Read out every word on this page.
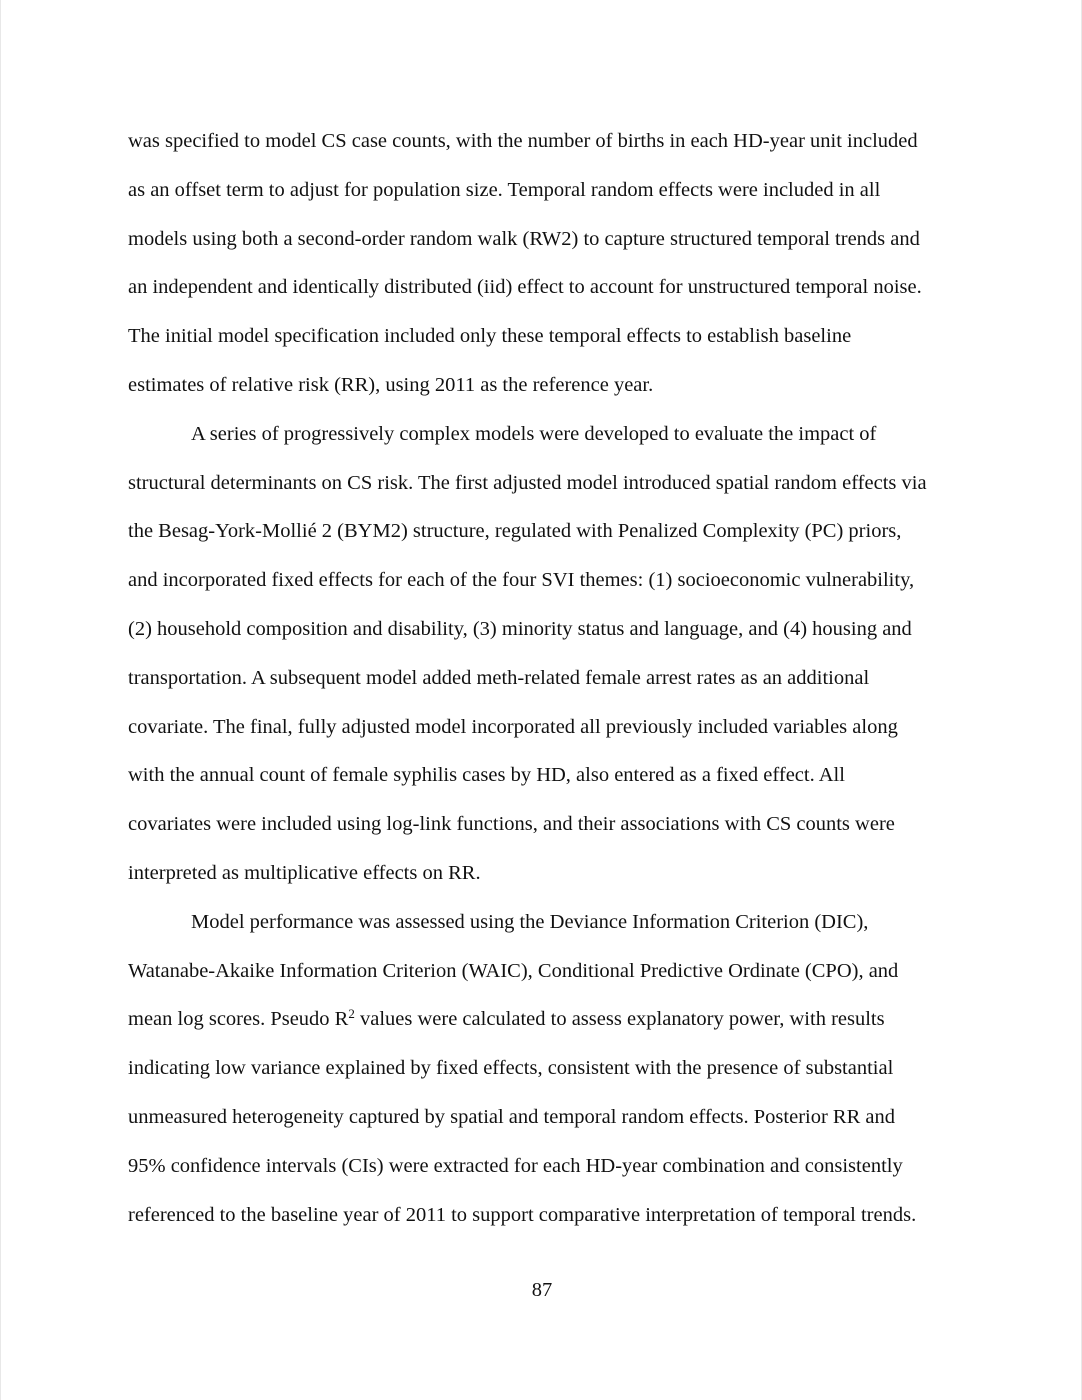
was specified to model CS case counts, with the number of births in each HD-year unit included
as an offset term to adjust for population size. Temporal random effects were included in all
models using both a second-order random walk (RW2) to capture structured temporal trends and
an independent and identically distributed (iid) effect to account for unstructured temporal noise.
The initial model specification included only these temporal effects to establish baseline
estimates of relative risk (RR), using 2011 as the reference year.
A series of progressively complex models were developed to evaluate the impact of
structural determinants on CS risk. The first adjusted model introduced spatial random effects via
the Besag-York-Mollié 2 (BYM2) structure, regulated with Penalized Complexity (PC) priors,
and incorporated fixed effects for each of the four SVI themes: (1) socioeconomic vulnerability,
(2) household composition and disability, (3) minority status and language, and (4) housing and
transportation. A subsequent model added meth-related female arrest rates as an additional
covariate. The final, fully adjusted model incorporated all previously included variables along
with the annual count of female syphilis cases by HD, also entered as a fixed effect. All
covariates were included using log-link functions, and their associations with CS counts were
interpreted as multiplicative effects on RR.
Model performance was assessed using the Deviance Information Criterion (DIC),
Watanabe-Akaike Information Criterion (WAIC), Conditional Predictive Ordinate (CPO), and
mean log scores. Pseudo $R^2$ values were calculated to assess explanatory power, with results
indicating low variance explained by fixed effects, consistent with the presence of substantial
unmeasured heterogeneity captured by spatial and temporal random effects. Posterior RR and
95% confidence intervals (CIs) were extracted for each HD-year combination and consistently
referenced to the baseline year of 2011 to support comparative interpretation of temporal trends.
87
